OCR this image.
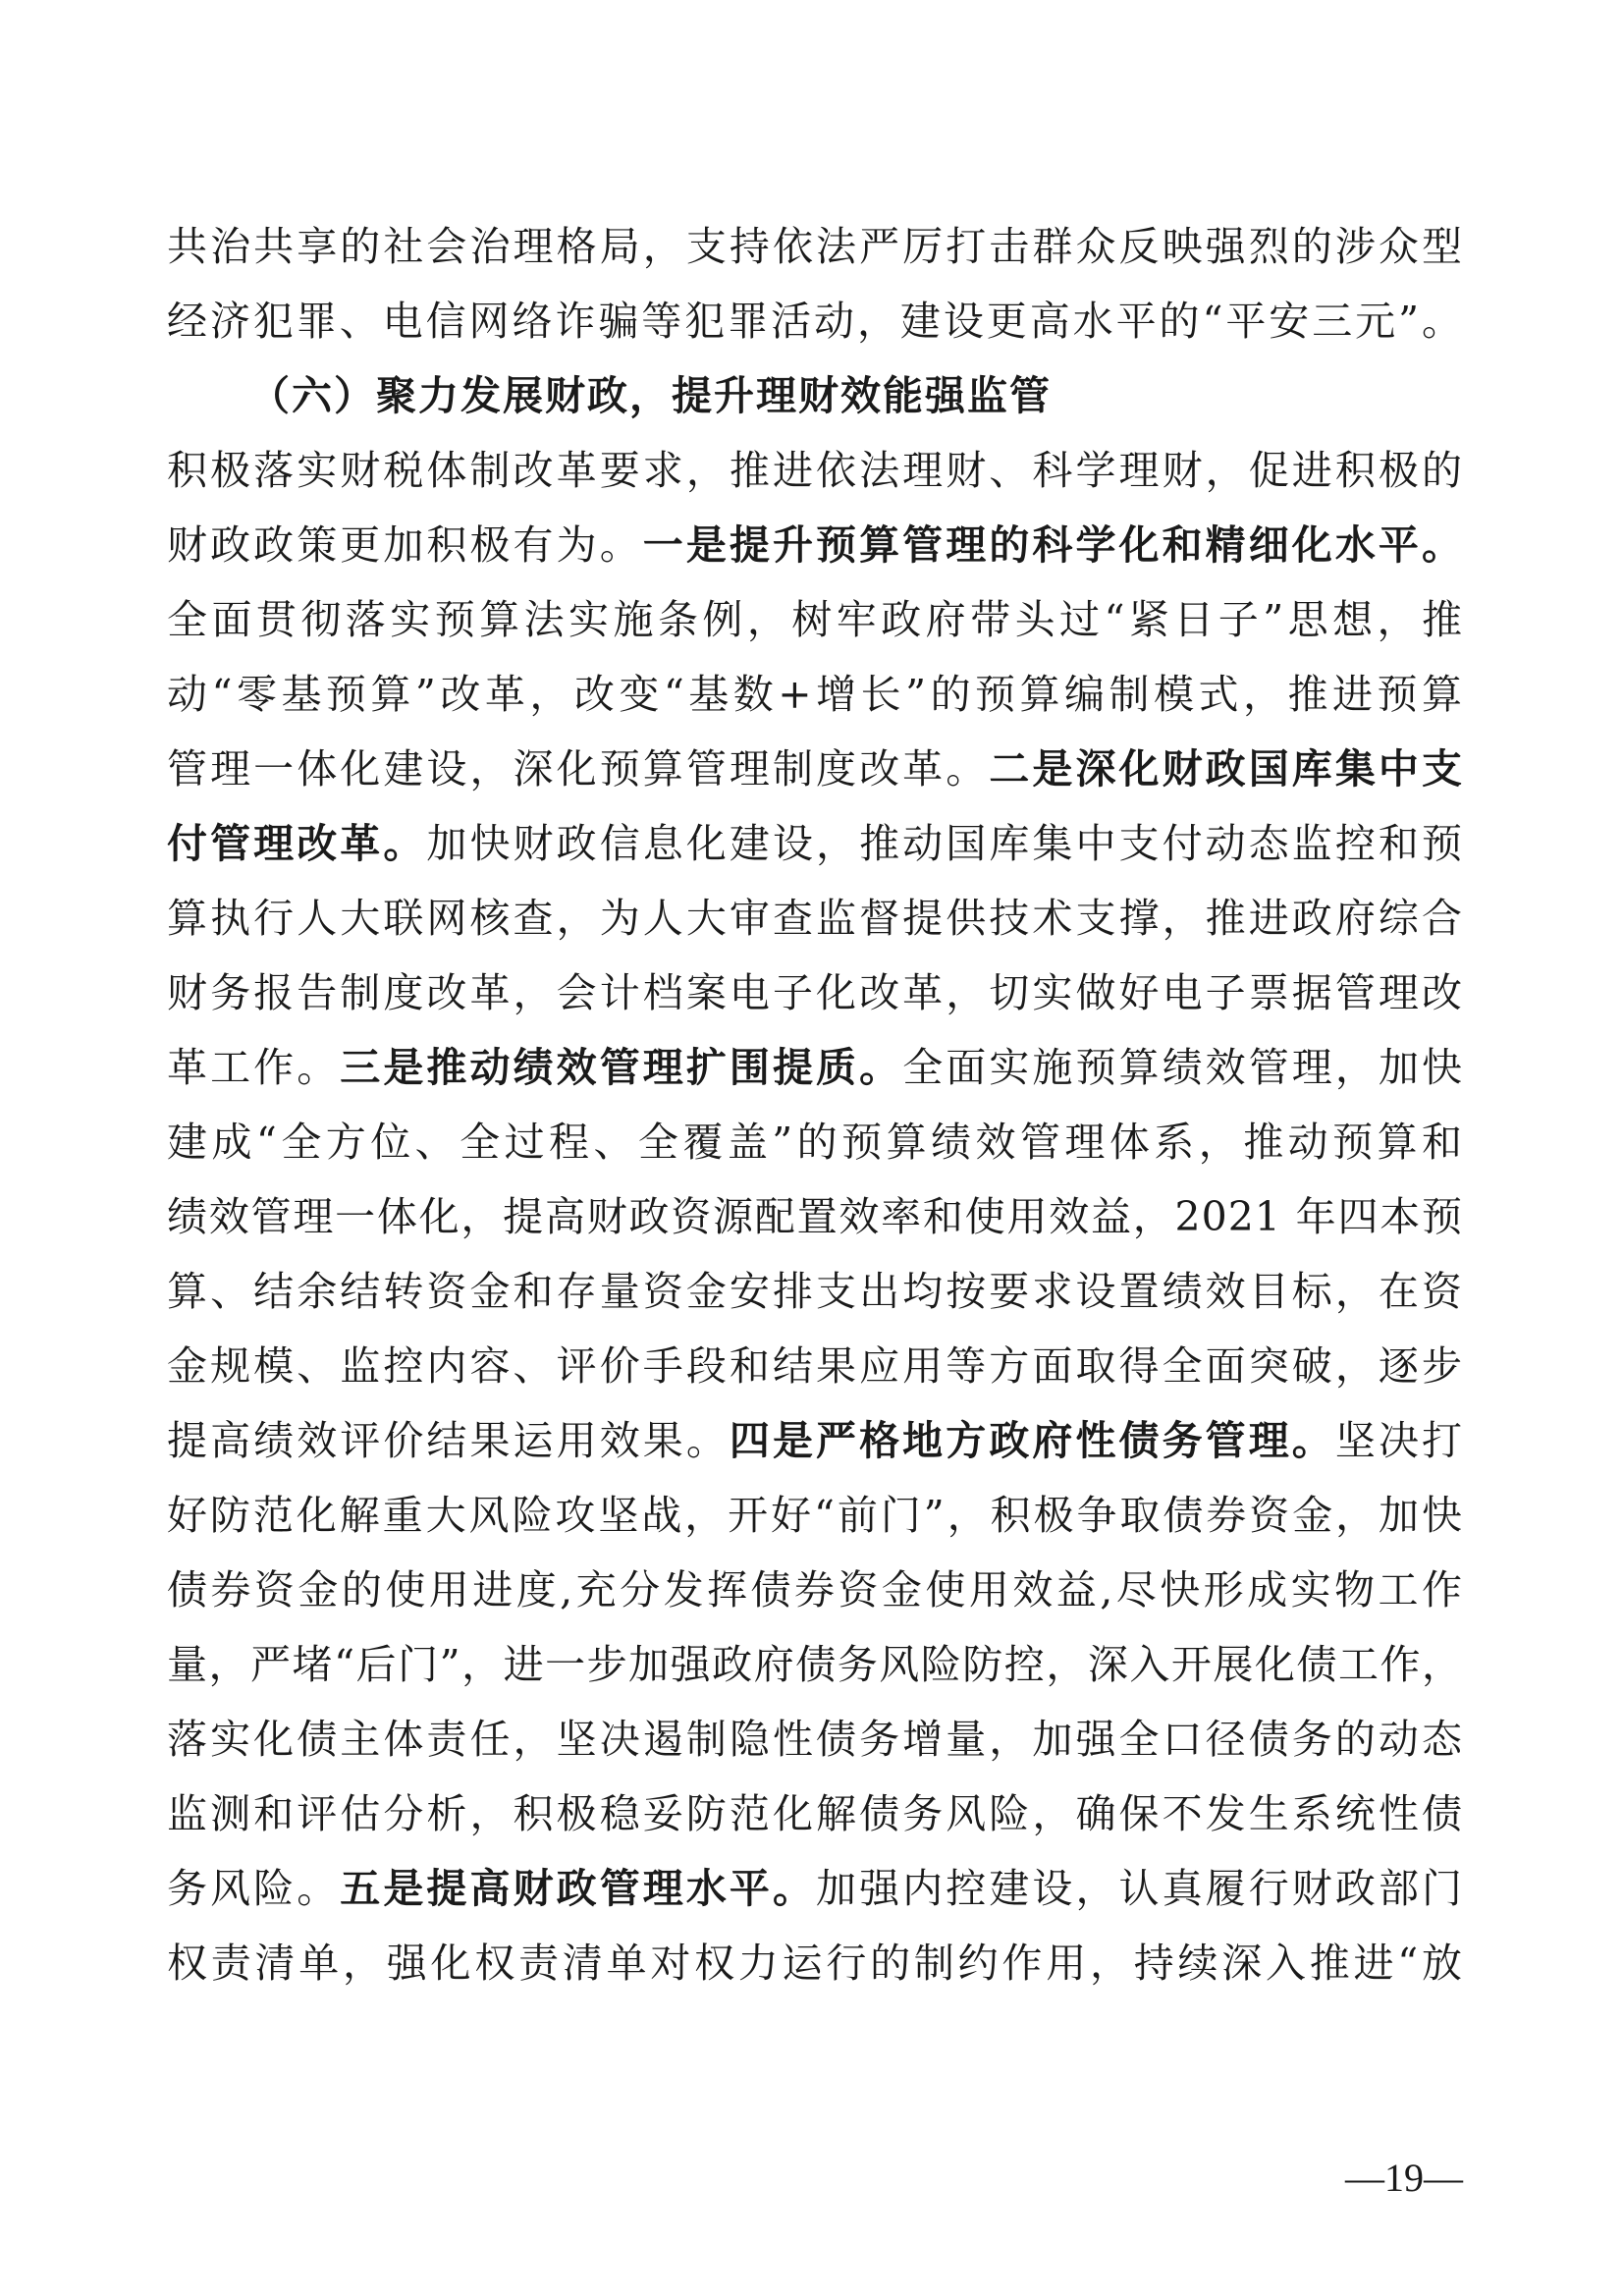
共治共享的社会治理格局，支持依法严厉打击群众反映强烈的涉众型
经济犯罪、电信网络诈骗等犯罪活动，建设更高水平的“平安三元”。
（六）聚力发展财政，提升理财效能强监管
积极落实财税体制改革要求，推进依法理财、科学理财，促进积极的
财政政策更加积极有为。一是提升预算管理的科学化和精细化水平。
全面贯彻落实预算法实施条例，树牢政府带头过“紧日子”思想，推
动“零基预算”改革，改变“基数+增长”的预算编制模式，推进预算
管理一体化建设，深化预算管理制度改革。二是深化财政国库集中支
付管理改革。加快财政信息化建设，推动国库集中支付动态监控和预
算执行人大联网核查，为人大审查监督提供技术支撑，推进政府综合
财务报告制度改革，会计档案电子化改革，切实做好电子票据管理改
革工作。三是推动绩效管理扩围提质。全面实施预算绩效管理，加快
建成“全方位、全过程、全覆盖”的预算绩效管理体系，推动预算和
绩效管理一体化，提高财政资源配置效率和使用效益，2021 年四本预
算、结余结转资金和存量资金安排支出均按要求设置绩效目标，在资
金规模、监控内容、评价手段和结果应用等方面取得全面突破，逐步
提高绩效评价结果运用效果。四是严格地方政府性债务管理。坚决打
好防范化解重大风险攻坚战，开好“前门”，积极争取债券资金，加快
债券资金的使用进度,充分发挥债券资金使用效益,尽快形成实物工作
量，严堵“后门”，进一步加强政府债务风险防控，深入开展化债工作，
落实化债主体责任，坚决遏制隐性债务增量，加强全口径债务的动态
监测和评估分析，积极稳妥防范化解债务风险，确保不发生系统性债
务风险。五是提高财政管理水平。加强内控建设，认真履行财政部门
权责清单，强化权责清单对权力运行的制约作用，持续深入推进“放
—19—
